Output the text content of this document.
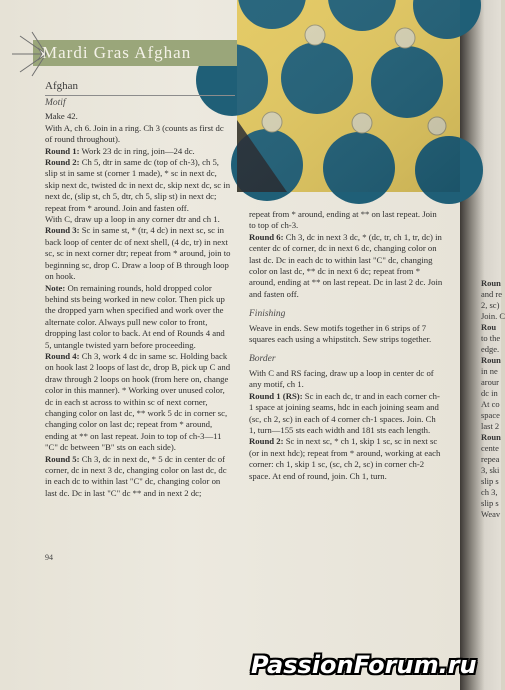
Mardi Gras Afghan
Afghan

Motif

Make 42.

With A, ch 6. Join in a ring. Ch 3 (counts as first dc of round throughout).

Round 1: Work 23 dc in ring, join—24 dc.

Round 2: Ch 5, dtr in same dc (top of ch-3), ch 5, slip st in same st (corner 1 made), * sc in next dc, skip next dc, twisted dc in next dc, skip next dc, sc in next dc, (slip st, ch 5, dtr, ch 5, slip st) in next dc; repeat from * around. Join and fasten off.

With C, draw up a loop in any corner dtr and ch 1.

Round 3: Sc in same st, * (tr, 4 dc) in next sc, sc in back loop of center dc of next shell, (4 dc, tr) in next sc, sc in next corner dtr; repeat from * around, join to beginning sc, drop C. Draw a loop of B through loop on hook.

Note: On remaining rounds, hold dropped color behind sts being worked in new color. Then pick up the dropped yarn when specified and work over the alternate color. Always pull new color to front, dropping last color to back. At end of Rounds 4 and 5, untangle twisted yarn before proceeding.

Round 4: Ch 3, work 4 dc in same sc. Holding back on hook last 2 loops of last dc, drop B, pick up C and draw through 2 loops on hook (from here on, change color in this manner). * Working over unused color, dc in each st across to within sc of next corner, changing color on last dc, ** work 5 dc in corner sc, changing color on last dc; repeat from * around, ending at ** on last repeat. Join to top of ch-3—11 "C" dc between "B" sts on each side).

Round 5: Ch 3, dc in next dc, * 5 dc in center dc of corner, dc in next 3 dc, changing color on last dc, dc in each dc to within last "C" dc, changing color on last dc. Dc in last "C" dc ** and in next 2 dc;

repeat from * around, ending at ** on last repeat. Join to top of ch-3.

Round 6: Ch 3, dc in next 3 dc, * (dc, tr, ch 1, tr, dc) in center dc of corner, dc in next 6 dc, changing color on last dc. Dc in each dc to within last "C" dc, changing color on last dc, ** dc in next 6 dc; repeat from * around, ending at ** on last repeat. Dc in last 2 dc. Join and fasten off.

Finishing

Weave in ends. Sew motifs together in 6 strips of 7 squares each using a whipstitch. Sew strips together.

Border

With C and RS facing, draw up a loop in center dc of any motif, ch 1.

Round 1 (RS): Sc in each dc, tr and in each corner ch-1 space at joining seams, hdc in each joining seam and (sc, ch 2, sc) in each of 4 corner ch-1 spaces. Join. Ch 1, turn—155 sts each width and 181 sts each length.

Round 2: Sc in next sc, * ch 1, skip 1 sc, sc in next sc (or in next hdc); repeat from * around, working at each corner: ch 1, skip 1 sc, (sc, ch 2, sc) in corner ch-2 space. At end of round, join. Ch 1, turn.

Roun
and re
2, sc)
Join. C
Rou
to the
edge.
Roun
in ne
arour
dc in
At co
space
last 2
Roun
cente
repea
3, ski
slip s
ch 3,
slip s
Weav
94
PassionForum.ru
